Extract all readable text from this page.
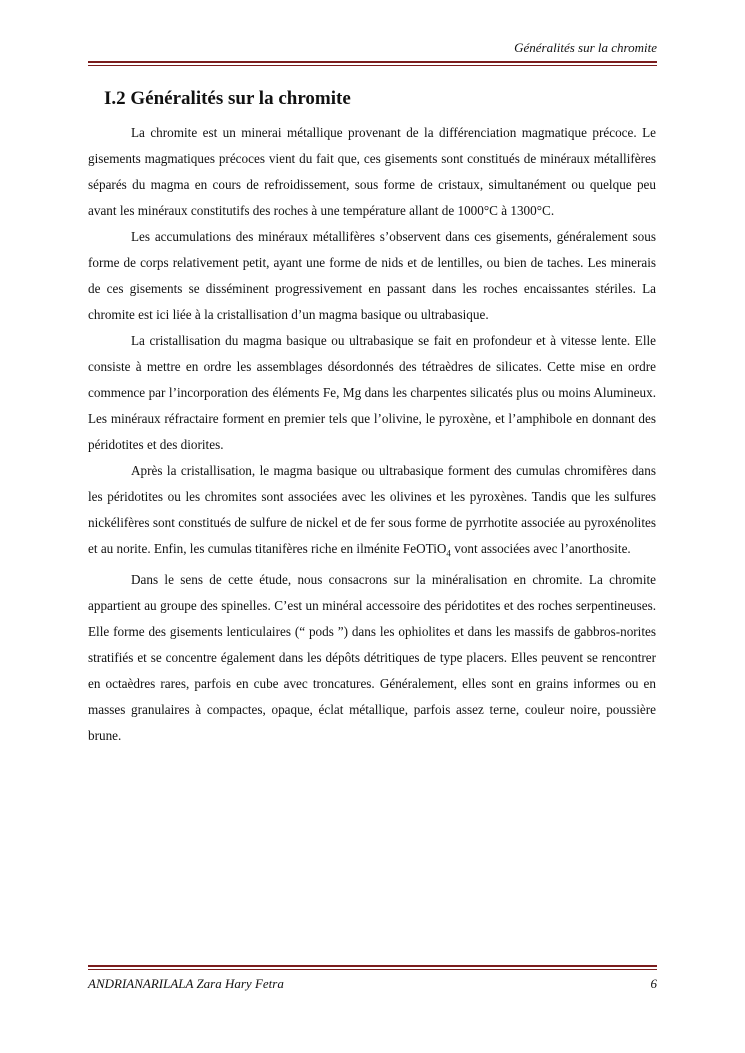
Généralités sur la chromite
I.2 Généralités sur la chromite

La chromite est un minerai métallique provenant de la différenciation magmatique précoce. Le gisements magmatiques précoces vient du fait que, ces gisements sont constitués de minéraux métallifères séparés du magma en cours de refroidissement, sous forme de cristaux, simultanément ou quelque peu avant les minéraux constitutifs des roches à une température allant de 1000°C à 1300°C.

Les accumulations des minéraux métallifères s’observent dans ces gisements, généralement sous forme de corps relativement petit, ayant une forme de nids et de lentilles, ou bien de taches. Les minerais de ces gisements se disséminent progressivement en passant dans les roches encaissantes stériles. La chromite est ici liée à la cristallisation d’un magma basique ou ultrabasique.

La cristallisation du magma basique ou ultrabasique se fait en profondeur et à vitesse lente. Elle consiste à mettre en ordre les assemblages désordonnés des tétraèdres de silicates. Cette mise en ordre commence par l’incorporation des éléments Fe, Mg dans les charpentes silicatés plus ou moins Alumineux. Les minéraux réfractaire forment en premier tels que l’olivine, le pyroxène, et l’amphibole en donnant des péridotites et des diorites.

Après la cristallisation, le magma basique ou ultrabasique forment des cumulas chromifères dans les péridotites ou les chromites sont associées avec les olivines et les pyroxènes. Tandis que les sulfures nickélifères sont constitués de sulfure de nickel et de fer sous forme de pyrrhotite associée au pyroxénolites et au norite. Enfin, les cumulas titanifères riche en ilménite FeOTiO$_4$ vont associées avec l’anorthosite.

Dans le sens de cette étude, nous consacrons sur la minéralisation en chromite. La chromite appartient au groupe des spinelles. C’est un minéral accessoire des péridotites et des roches serpentineuses. Elle forme des gisements lenticulaires (“ pods ”) dans les ophiolites et dans les massifs de gabbros-norites stratifiés et se concentre également dans les dépôts détritiques de type placers. Elles peuvent se rencontrer en octaèdres rares, parfois en cube avec troncatures. Généralement, elles sont en grains informes ou en masses granulaires à compactes, opaque, éclat métallique, parfois assez terne, couleur noire, poussière brune.

ANDRIANARILALA Zara Hary Fetra	6
